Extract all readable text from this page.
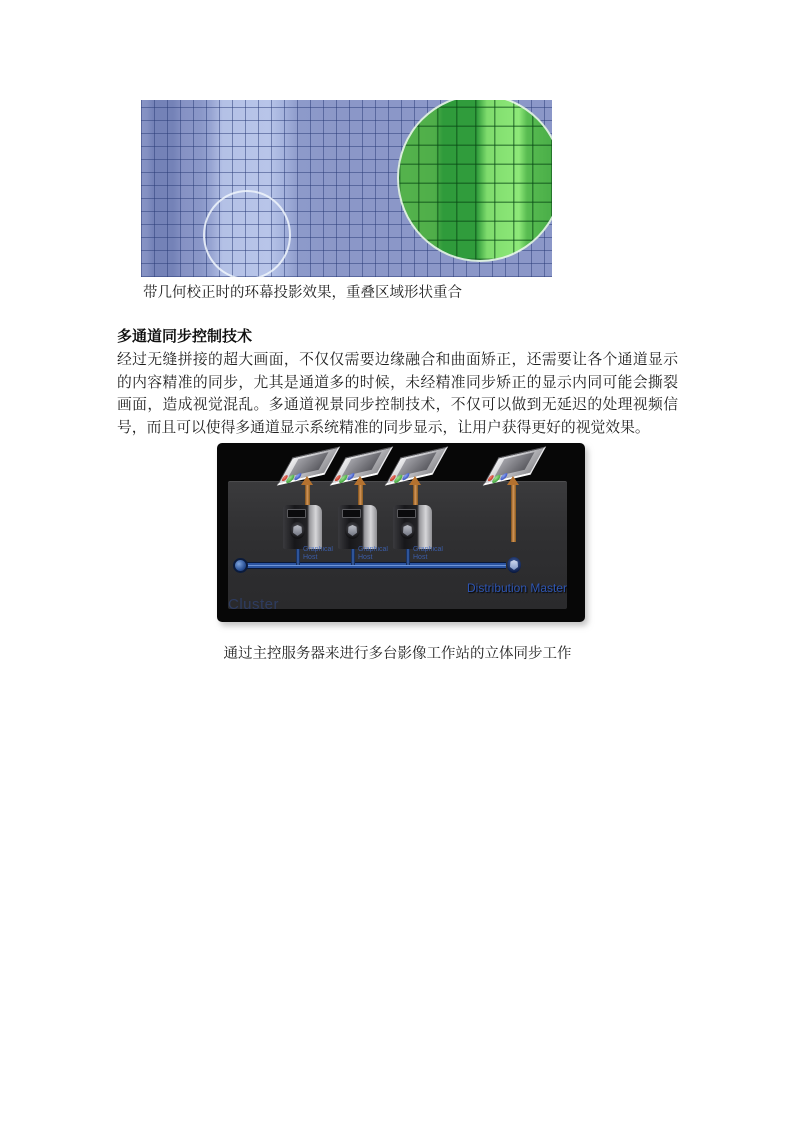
带几何校正时的环幕投影效果，重叠区域形状重合
多通道同步控制技术
经过无缝拼接的超大画面，不仅仅需要边缘融合和曲面矫正，还需要让各个通道显示的内容精准的同步，尤其是通道多的时候，未经精准同步矫正的显示内同可能会撕裂画面，造成视觉混乱。多通道视景同步控制技术，不仅可以做到无延迟的处理视频信号，而且可以使得多通道显示系统精准的同步显示，让用户获得更好的视觉效果。
Graphical
Host
Graphical
Host
Graphical
Host
Distribution Master
Cluster
通过主控服务器来进行多台影像工作站的立体同步工作
